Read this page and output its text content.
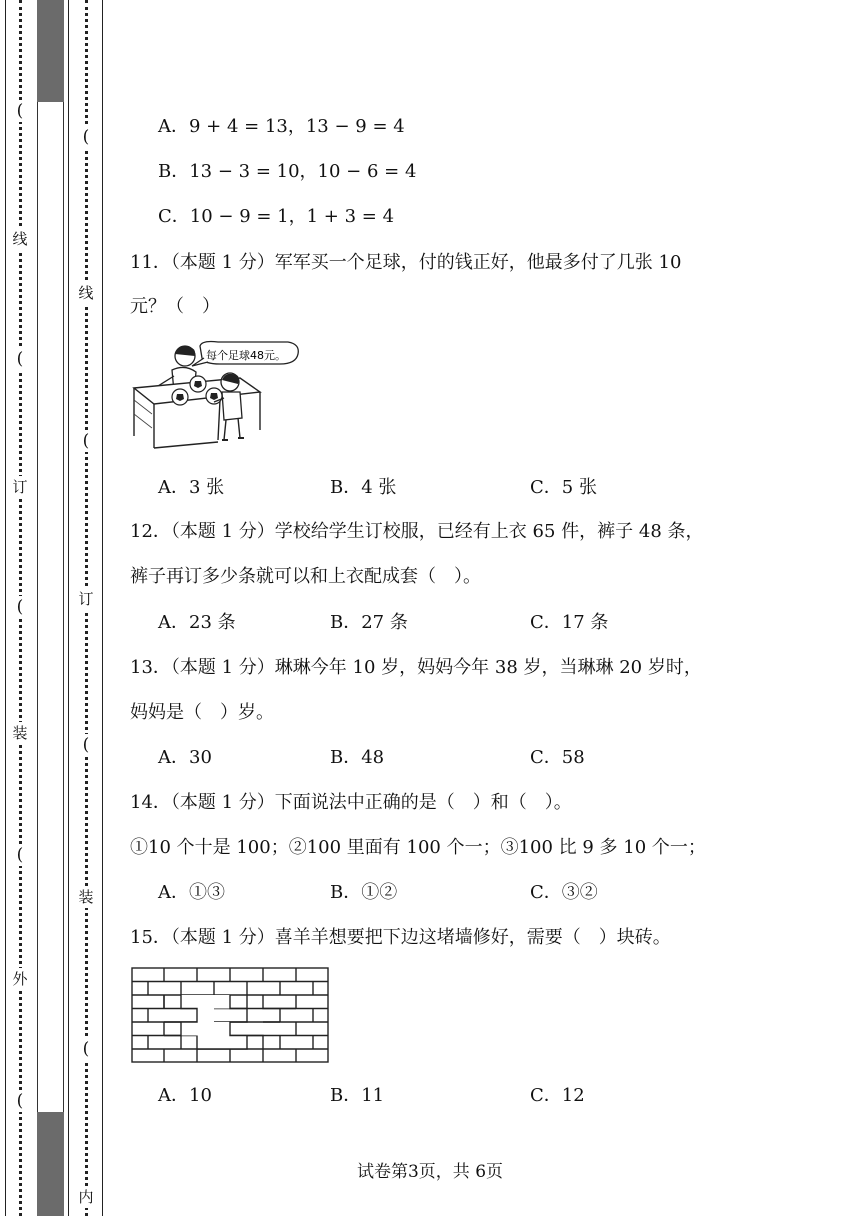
(
线
(
订
(
装
(
外
(
(
线
(
订
(
装
(
内
A．9 + 4 = 13，13 − 9 = 4
B．13 − 3 = 10，10 − 6 = 4
C．10 − 9 = 1，1 + 3 = 4
11．（本题 1 分）军军买一个足球，付的钱正好，他最多付了几张 10
元？（　）
每个足球48元。
A．3 张	B．4 张	C．5 张
12．（本题 1 分）学校给学生订校服，已经有上衣 65 件，裤子 48 条，
裤子再订多少条就可以和上衣配成套（　）。
A．23 条	B．27 条	C．17 条
13．（本题 1 分）琳琳今年 10 岁，妈妈今年 38 岁，当琳琳 20 岁时，
妈妈是（　）岁。
A．30	B．48	C．58
14．（本题 1 分）下面说法中正确的是（　）和（　）。
①10 个十是 100；②100 里面有 100 个一；③100 比 9 多 10 个一；
A．①③	B．①②	C．③②
15．（本题 1 分）喜羊羊想要把下边这堵墙修好，需要（　）块砖。
A．10	B．11	C．12
试卷第3页，共 6页
